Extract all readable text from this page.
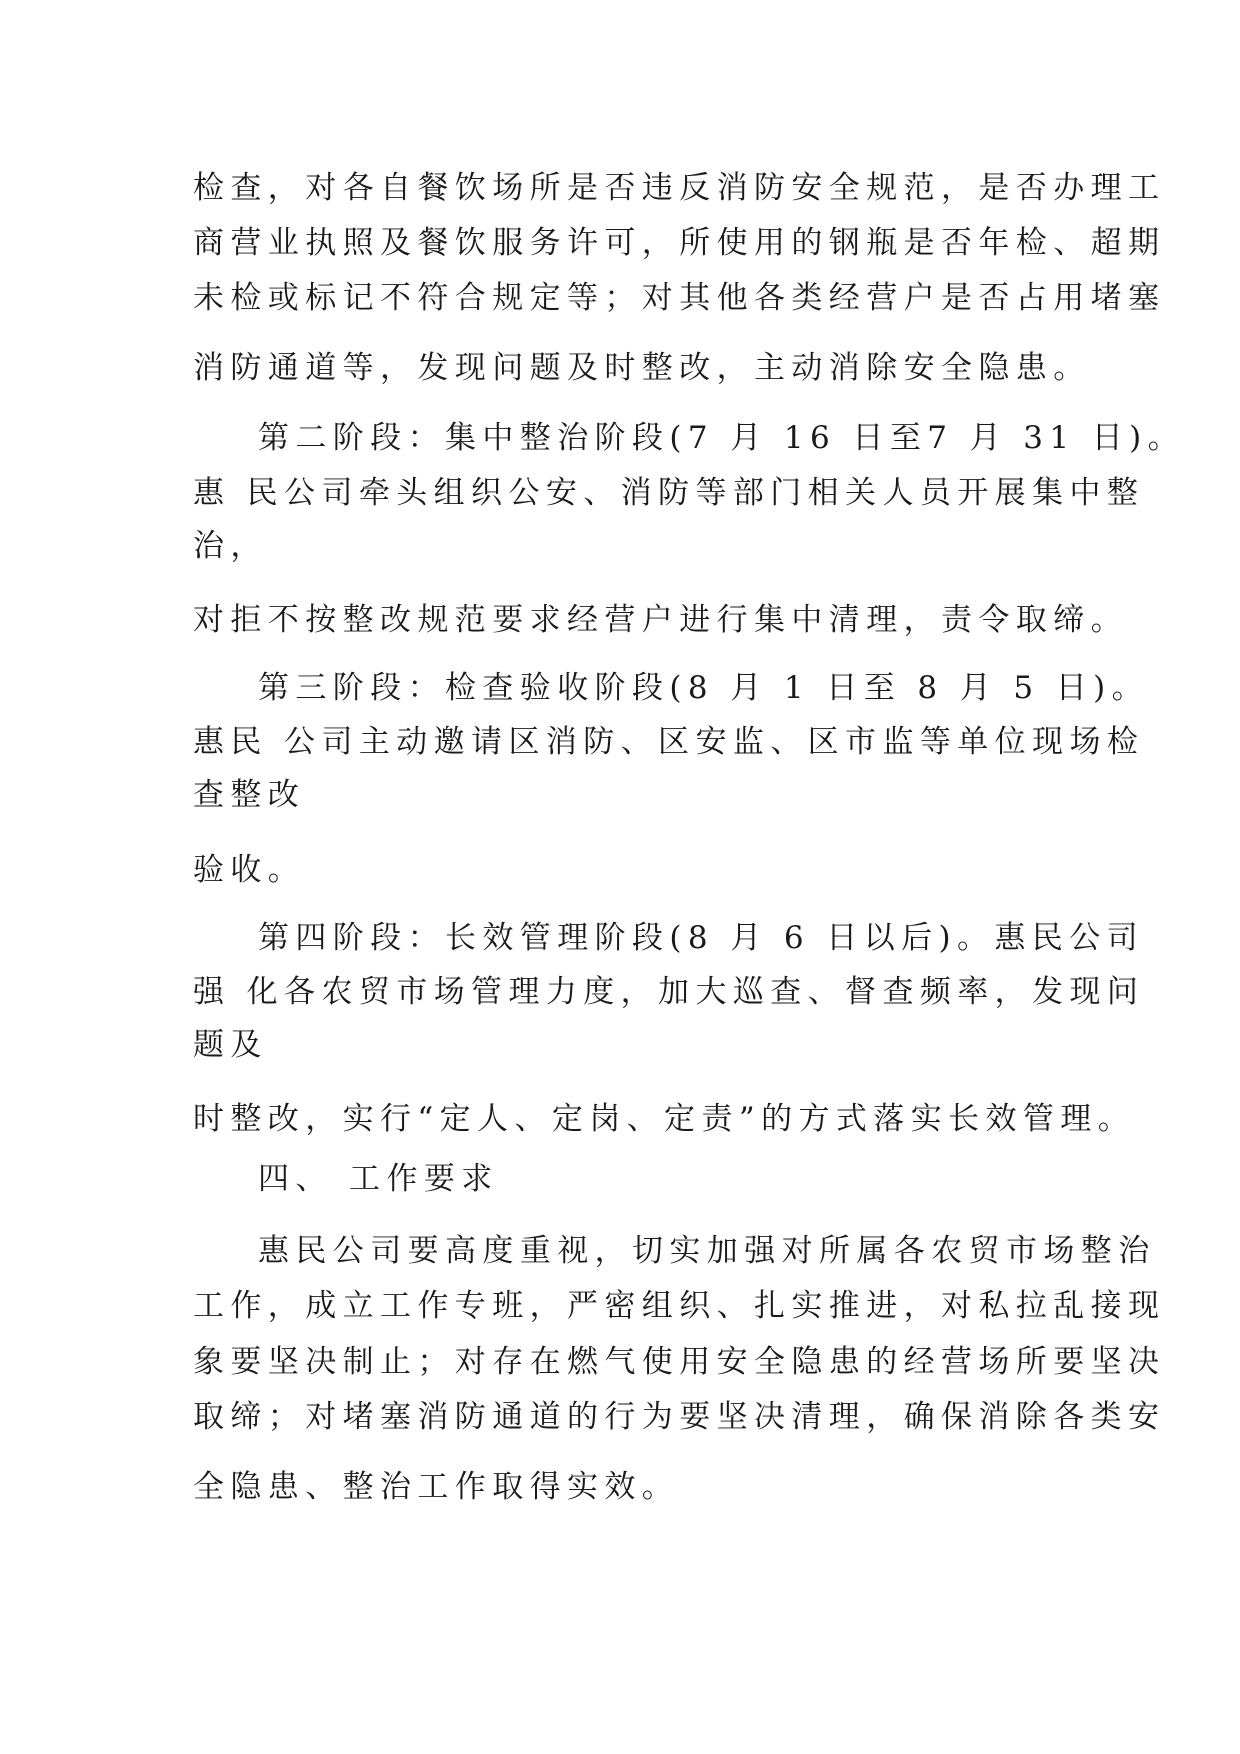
检查，对各自餐饮场所是否违反消防安全规范，是否办理工
商营业执照及餐饮服务许可，所使用的钢瓶是否年检、超期
未检或标记不符合规定等；对其他各类经营户是否占用堵塞
消防通道等，发现问题及时整改，主动消除安全隐患。
第二阶段：集中整治阶段(7 月 16 日至7 月 31 日)。
惠 民公司牵头组织公安、消防等部门相关人员开展集中整
治，
对拒不按整改规范要求经营户进行集中清理，责令取缔。
第三阶段：检查验收阶段(8 月 1 日至 8 月 5 日)。
惠民 公司主动邀请区消防、区安监、区市监等单位现场检
查整改
验收。
第四阶段：长效管理阶段(8 月 6 日以后)。惠民公司
强 化各农贸市场管理力度，加大巡查、督查频率，发现问
题及
时整改，实行“定人、定岗、定责”的方式落实长效管理。
四、 工作要求
惠民公司要高度重视，切实加强对所属各农贸市场整治
工作，成立工作专班，严密组织、扎实推进，对私拉乱接现
象要坚决制止；对存在燃气使用安全隐患的经营场所要坚决
取缔；对堵塞消防通道的行为要坚决清理，确保消除各类安
全隐患、整治工作取得实效。
